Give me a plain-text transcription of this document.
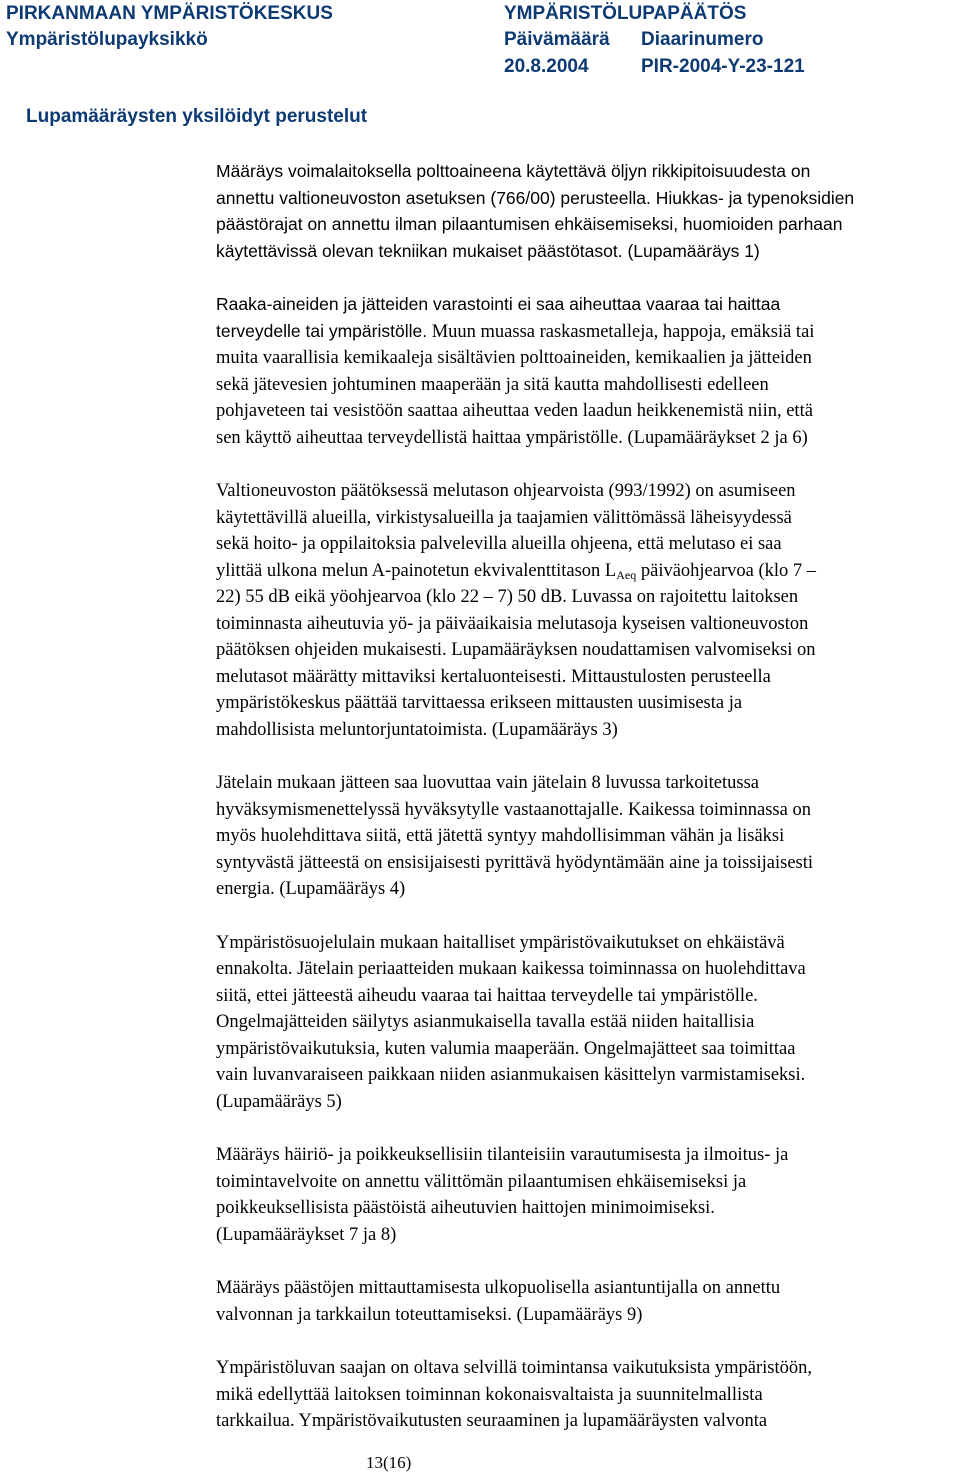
PIRKANMAAN YMPÄRISTÖKESKUS
Ympäristölupayksikkö
YMPÄRISTÖLUPAPÄÄTÖS
Päivämäärä Diaarinumero
20.8.2004	PIR-2004-Y-23-121
Lupamääräysten yksilöidyt perustelut

Määräys voimalaitoksella polttoaineena käytettävä öljyn rikkipitoisuudesta on
annettu valtioneuvoston asetuksen (766/00) perusteella. Hiukkas- ja typenoksidien
päästörajat on annettu ilman pilaantumisen ehkäisemiseksi, huomioiden parhaan
käytettävissä olevan tekniikan mukaiset päästötasot. (Lupamääräys 1)

Raaka-aineiden ja jätteiden varastointi ei saa aiheuttaa vaaraa tai haittaa
terveydelle tai ympäristölle. Muun muassa raskasmetalleja, happoja, emäksiä tai
muita vaarallisia kemikaaleja sisältävien polttoaineiden, kemikaalien ja jätteiden
sekä jätevesien johtuminen maaperään ja sitä kautta mahdollisesti edelleen
pohjaveteen tai vesistöön saattaa aiheuttaa veden laadun heikkenemistä niin, että
sen käyttö aiheuttaa terveydellistä haittaa ympäristölle. (Lupamääräykset 2 ja 6)

Valtioneuvoston päätöksessä melutason ohjearvoista (993/1992) on asumiseen
käytettävillä alueilla, virkistysalueilla ja taajamien välittömässä läheisyydessä
sekä hoito- ja oppilaitoksia palvelevilla alueilla ohjeena, että melutaso ei saa
ylittää ulkona melun A-painotetun ekvivalenttitason $L_{Aeq}$ päiväohjearvoa (klo 7 –
22) 55 dB eikä yöohjearvoa (klo 22 – 7) 50 dB. Luvassa on rajoitettu laitoksen
toiminnasta aiheutuvia yö- ja päiväaikaisia melutasoja kyseisen valtioneuvoston
päätöksen ohjeiden mukaisesti. Lupamääräyksen noudattamisen valvomiseksi on
melutasot määrätty mittaviksi kertaluonteisesti. Mittaustulosten perusteella
ympäristökeskus päättää tarvittaessa erikseen mittausten uusimisesta ja
mahdollisista meluntorjuntatoimista. (Lupamääräys 3)

Jätelain mukaan jätteen saa luovuttaa vain jätelain 8 luvussa tarkoitetussa
hyväksymismenettelyssä hyväksytylle vastaanottajalle. Kaikessa toiminnassa on
myös huolehdittava siitä, että jätettä syntyy mahdollisimman vähän ja lisäksi
syntyvästä jätteestä on ensisijaisesti pyrittävä hyödyntämään aine ja toissijaisesti
energia. (Lupamääräys 4)

Ympäristösuojelulain mukaan haitalliset ympäristövaikutukset on ehkäistävä
ennakolta. Jätelain periaatteiden mukaan kaikessa toiminnassa on huolehdittava
siitä, ettei jätteestä aiheudu vaaraa tai haittaa terveydelle tai ympäristölle.
Ongelmajätteiden säilytys asianmukaisella tavalla estää niiden haitallisia
ympäristövaikutuksia, kuten valumia maaperään. Ongelmajätteet saa toimittaa
vain luvanvaraiseen paikkaan niiden asianmukaisen käsittelyn varmistamiseksi.
(Lupamääräys 5)

Määräys häiriö- ja poikkeuksellisiin tilanteisiin varautumisesta ja ilmoitus- ja
toimintavelvoite on annettu välittömän pilaantumisen ehkäisemiseksi ja
poikkeuksellisista päästöistä aiheutuvien haittojen minimoimiseksi.
(Lupamääräykset 7 ja 8)

Määräys päästöjen mittauttamisesta ulkopuolisella asiantuntijalla on annettu
valvonnan ja tarkkailun toteuttamiseksi. (Lupamääräys 9)

Ympäristöluvan saajan on oltava selvillä toimintansa vaikutuksista ympäristöön,
mikä edellyttää laitoksen toiminnan kokonaisvaltaista ja suunnitelmallista
tarkkailua. Ympäristövaikutusten seuraaminen ja lupamääräysten valvonta

13(16)
